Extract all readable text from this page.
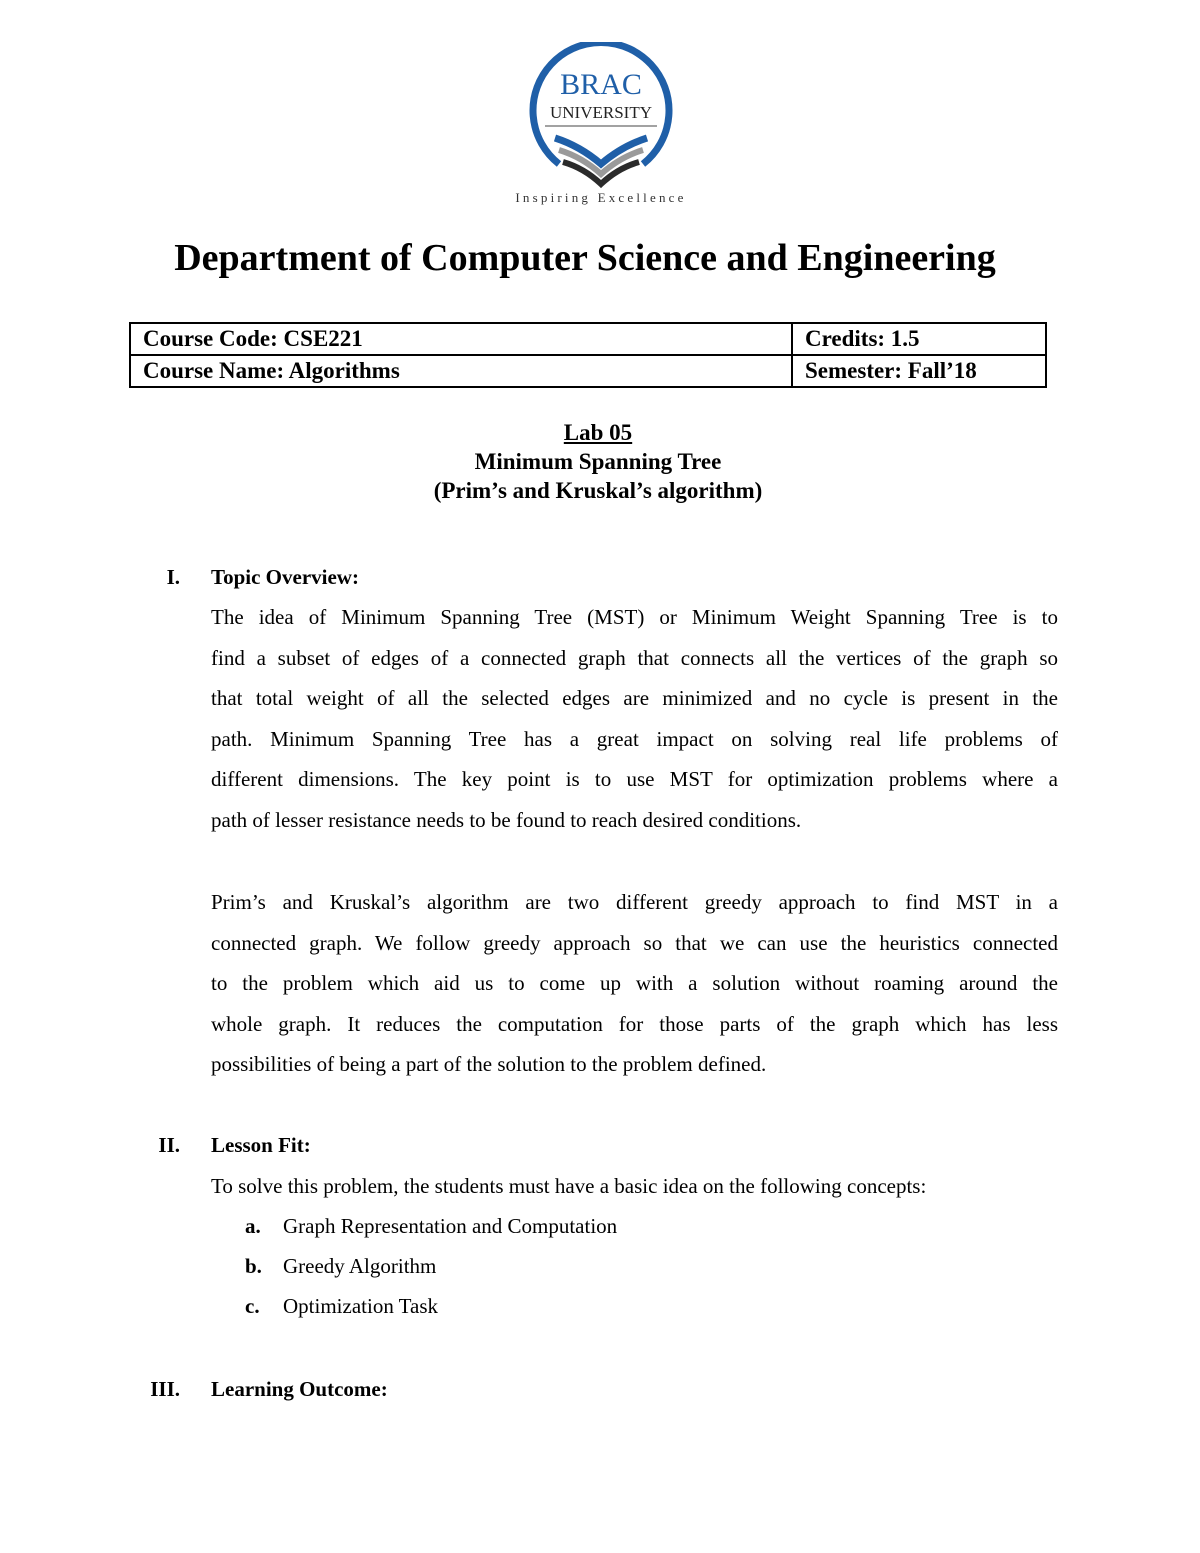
BRAC
UNIVERSITY
Inspiring Excellence
Department of Computer Science and Engineering
Course Code: CSE221	Credits: 1.5
Course Name: Algorithms	Semester: Fall’18
Lab 05
Minimum Spanning Tree
(Prim’s and Kruskal’s algorithm)
I. Topic Overview:
The idea of Minimum Spanning Tree (MST) or Minimum Weight Spanning Tree is to
find a subset of edges of a connected graph that connects all the vertices of the graph so
that total weight of all the selected edges are minimized and no cycle is present in the
path. Minimum Spanning Tree has a great impact on solving real life problems of
different dimensions. The key point is to use MST for optimization problems where a
path of lesser resistance needs to be found to reach desired conditions.
Prim’s and Kruskal’s algorithm are two different greedy approach to find MST in a
connected graph. We follow greedy approach so that we can use the heuristics connected
to the problem which aid us to come up with a solution without roaming around the
whole graph. It reduces the computation for those parts of the graph which has less
possibilities of being a part of the solution to the problem defined.
II. Lesson Fit:
To solve this problem, the students must have a basic idea on the following concepts:
a. Graph Representation and Computation
b. Greedy Algorithm
c. Optimization Task
III. Learning Outcome:
